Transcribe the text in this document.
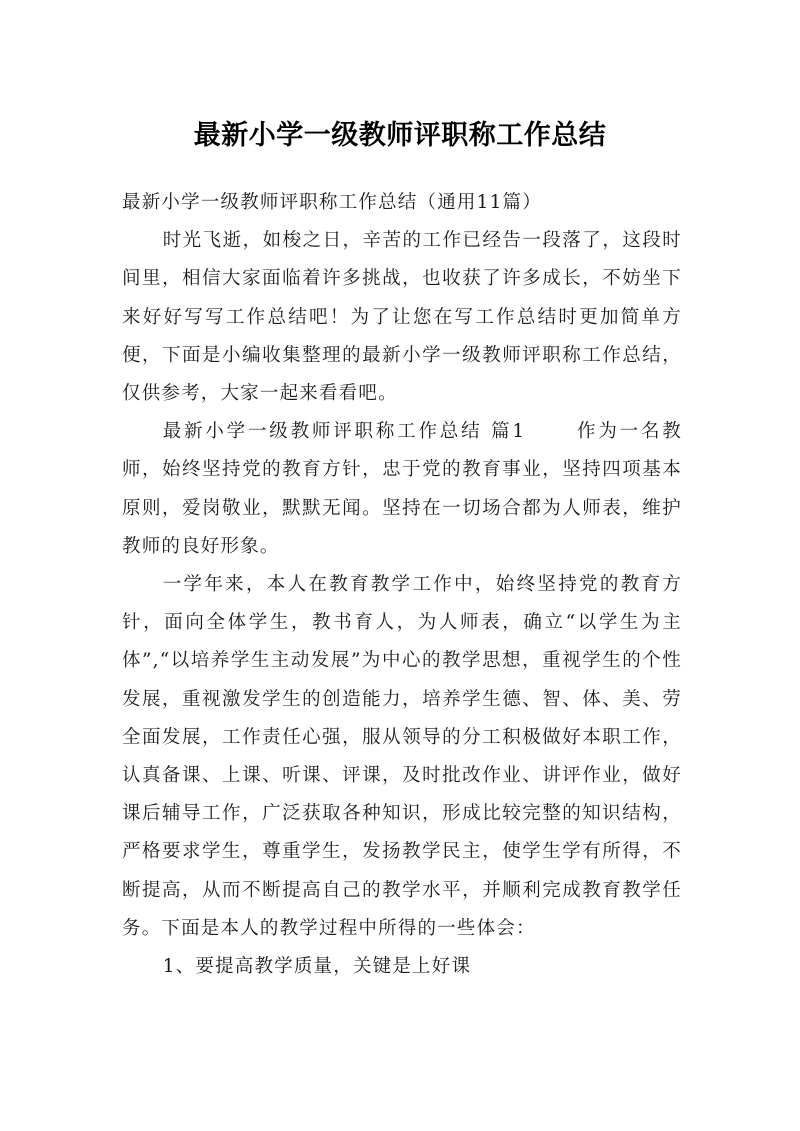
最新小学一级教师评职称工作总结

最新小学一级教师评职称工作总结（通用11篇）

时光飞逝，如梭之日，辛苦的工作已经告一段落了，这段时间里，相信大家面临着许多挑战，也收获了许多成长，不妨坐下来好好写写工作总结吧！为了让您在写工作总结时更加简单方便，下面是小编收集整理的最新小学一级教师评职称工作总结，仅供参考，大家一起来看看吧。

最新小学一级教师评职称工作总结 篇1	作为一名教师，始终坚持党的教育方针，忠于党的教育事业，坚持四项基本原则，爱岗敬业，默默无闻。坚持在一切场合都为人师表，维护教师的良好形象。

一学年来，本人在教育教学工作中，始终坚持党的教育方针，面向全体学生，教书育人，为人师表，确立“以学生为主体”,“以培养学生主动发展”为中心的教学思想，重视学生的个性发展，重视激发学生的创造能力，培养学生德、智、体、美、劳全面发展，工作责任心强，服从领导的分工积极做好本职工作，认真备课、上课、听课、评课，及时批改作业、讲评作业，做好课后辅导工作，广泛获取各种知识，形成比较完整的知识结构，严格要求学生，尊重学生，发扬教学民主，使学生学有所得，不断提高，从而不断提高自己的教学水平，并顺利完成教育教学任务。下面是本人的教学过程中所得的一些体会：

1、要提高教学质量，关键是上好课
